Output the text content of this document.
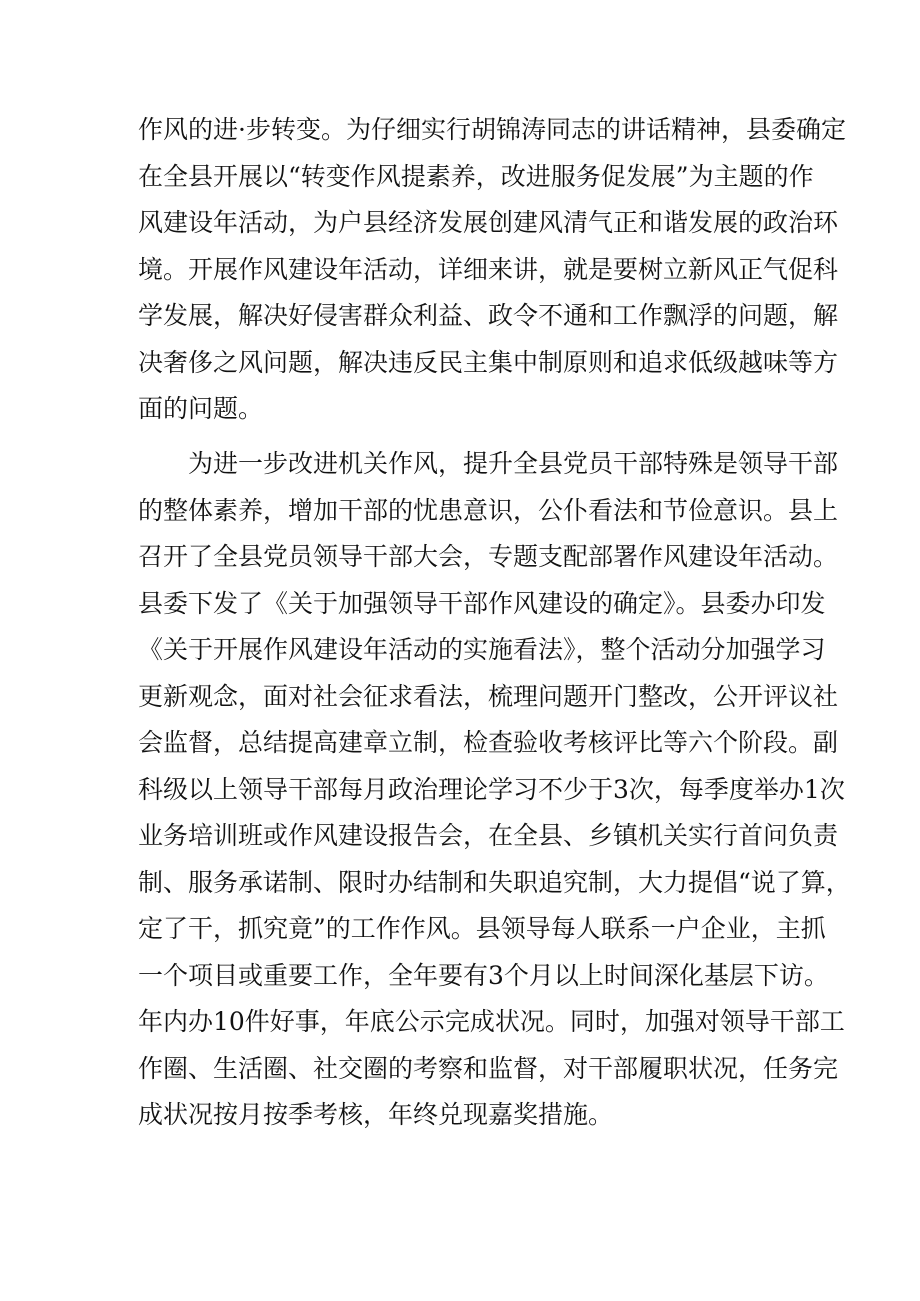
作风的进·步转变。为仔细实行胡锦涛同志的讲话精神，县委确定
在全县开展以“转变作风提素养，改进服务促发展”为主题的作
风建设年活动，为户县经济发展创建风清气正和谐发展的政治环
境。开展作风建设年活动，详细来讲，就是要树立新风正气促科
学发展，解决好侵害群众利益、政令不通和工作飘浮的问题，解
决奢侈之风问题，解决违反民主集中制原则和追求低级越味等方
面的问题。
为进一步改进机关作风，提升全县党员干部特殊是领导干部
的整体素养，增加干部的忧患意识，公仆看法和节俭意识。县上
召开了全县党员领导干部大会，专题支配部署作风建设年活动。
县委下发了《关于加强领导干部作风建设的确定》。县委办印发
《关于开展作风建设年活动的实施看法》，整个活动分加强学习
更新观念，面对社会征求看法，梳理问题开门整改，公开评议社
会监督，总结提高建章立制，检查验收考核评比等六个阶段。副
科级以上领导干部每月政治理论学习不少于3次，每季度举办1次
业务培训班或作风建设报告会，在全县、乡镇机关实行首问负责
制、服务承诺制、限时办结制和失职追究制，大力提倡“说了算，
定了干，抓究竟”的工作作风。县领导每人联系一户企业，主抓
一个项目或重要工作，全年要有3个月以上时间深化基层下访。
年内办10件好事，年底公示完成状况。同时，加强对领导干部工
作圈、生活圈、社交圈的考察和监督，对干部履职状况，任务完
成状况按月按季考核，年终兑现嘉奖措施。
